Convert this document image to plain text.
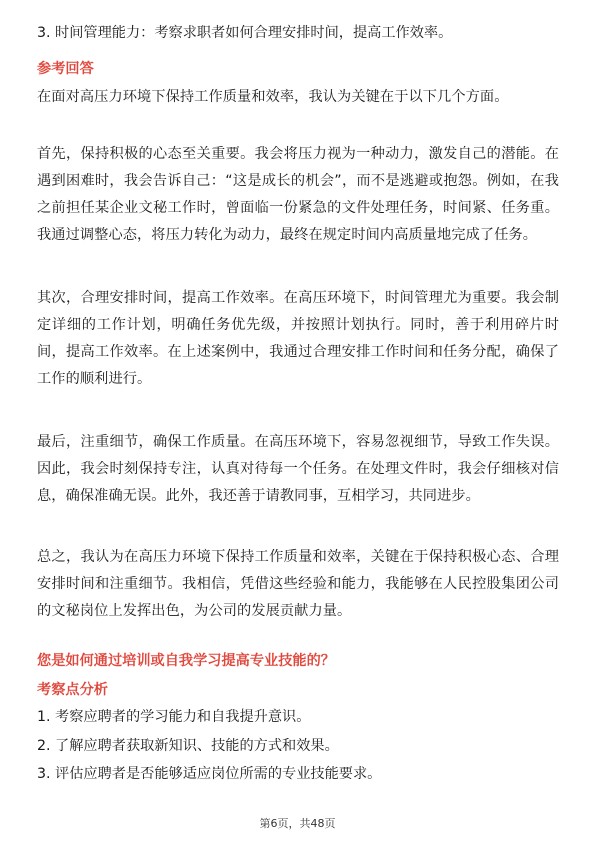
3. 时间管理能力：考察求职者如何合理安排时间，提高工作效率。

参考回答

在面对高压力环境下保持工作质量和效率，我认为关键在于以下几个方面。

首先，保持积极的心态至关重要。我会将压力视为一种动力，激发自己的潜能。在遇到困难时，我会告诉自己：“这是成长的机会”，而不是逃避或抱怨。例如，在我之前担任某企业文秘工作时，曾面临一份紧急的文件处理任务，时间紧、任务重。我通过调整心态，将压力转化为动力，最终在规定时间内高质量地完成了任务。

其次，合理安排时间，提高工作效率。在高压环境下，时间管理尤为重要。我会制定详细的工作计划，明确任务优先级，并按照计划执行。同时，善于利用碎片时间，提高工作效率。在上述案例中，我通过合理安排工作时间和任务分配，确保了工作的顺利进行。

最后，注重细节，确保工作质量。在高压环境下，容易忽视细节，导致工作失误。因此，我会时刻保持专注，认真对待每一个任务。在处理文件时，我会仔细核对信息，确保准确无误。此外，我还善于请教同事，互相学习，共同进步。

总之，我认为在高压力环境下保持工作质量和效率，关键在于保持积极心态、合理安排时间和注重细节。我相信，凭借这些经验和能力，我能够在人民控股集团公司的文秘岗位上发挥出色，为公司的发展贡献力量。

您是如何通过培训或自我学习提高专业技能的？

考察点分析

1. 考察应聘者的学习能力和自我提升意识。

2. 了解应聘者获取新知识、技能的方式和效果。

3. 评估应聘者是否能够适应岗位所需的专业技能要求。

第6页，共48页
